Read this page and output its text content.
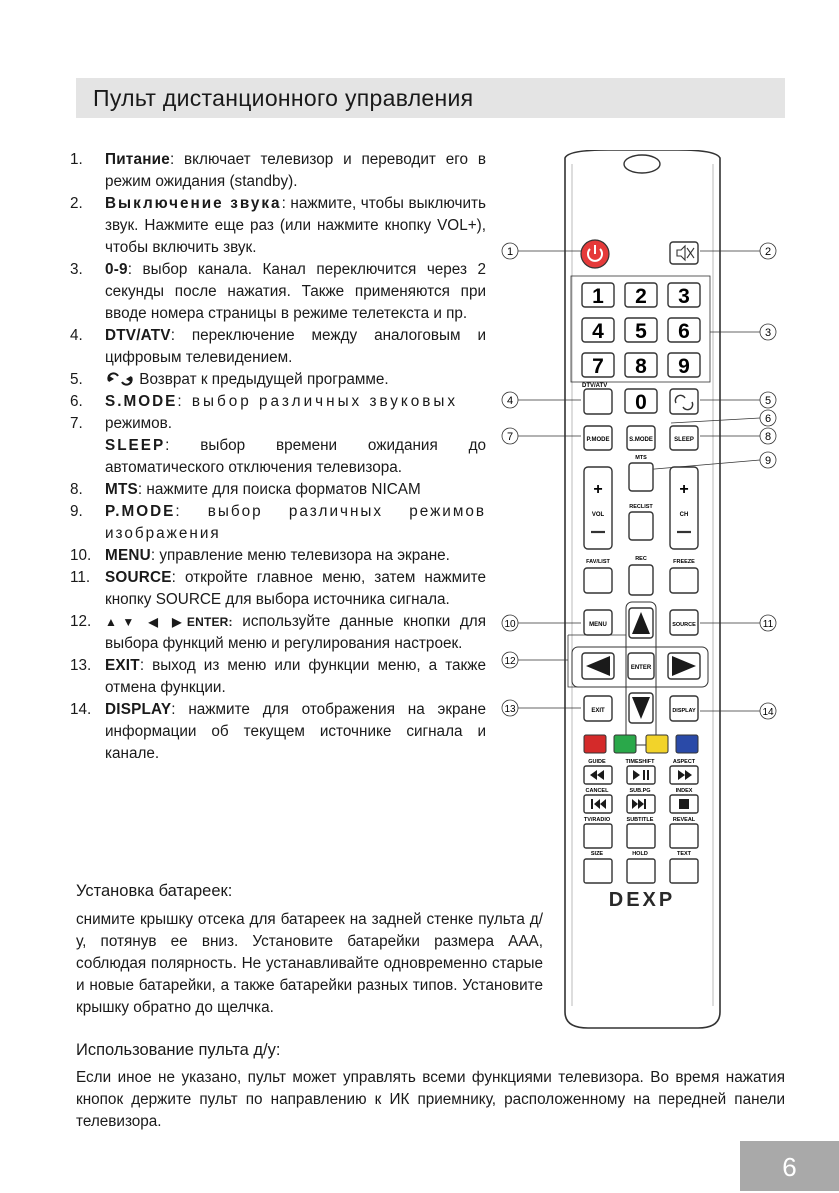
Пульт дистанционного управления
1. Питание: включает телевизор и переводит его в режим ожидания (standby).
2. Выключение звука: нажмите, чтобы выключить звук. Нажмите еще раз (или нажмите кнопку VOL+), чтобы включить звук.
3. 0-9: выбор канала. Канал переключится через 2 секунды после нажатия. Также применяются при вводе номера страницы в режиме телетекста и пр.
4. DTV/ATV: переключение между аналоговым и цифровым телевидением.
5.	Возврат к предыдущей программе.
6. S.MODE: выбор различных звуковых
7. режимов.
SLEEP: выбор времени ожидания до автоматического отключения телевизора.
8. MTS: нажмите для поиска форматов NICAM
9. P.MODE: выбор различных режимов изображения
10. MENU: управление меню телевизора на экране.
11. SOURCE: откройте главное меню, затем нажмите кнопку SOURCE для выбора источника сигнала.
12. ▲▼ ◀ ▶ENTER: используйте данные кнопки для выбора функций меню и регулирования настроек.
13. EXIT: выход из меню или функции меню, а также отмена функции.
14. DISPLAY: нажмите для отображения на экране информации об текущем источнике сигнала и канале.
Установка батареек:

снимите крышку отсека для батареек на задней стенке пульта д/у, потянув ее вниз. Установите батарейки размера ААА, соблюдая полярность. Не устанавливайте одновременно старые и новые батарейки, а также батарейки разных типов. Установите крышку обратно до щелчка.

Использование пульта д/у:

Если иное не указано, пульт может управлять всеми функциями телевизора. Во время нажатия кнопок держите пульт по направлению к ИК приемнику, расположенному на передней панели телевизора.

1 2 3
4 5 6
7 8 9
0
DTV/ATV
1	2
3
4	5
6
7	8
9
10	11
12
13	14
P.MODE	S.MODE	SLEEP
MTS
RECLIST
+
VOL
+
CH
FAV/LIST	REC	FREEZE
MENU	SOURCE
ENTER
EXIT	DISPLAY
GUIDE	TIMESHIFT	ASPECT
CANCEL	SUB.PG	INDEX
TV/RADIO	SUBTITLE	REVEAL
SIZE	HOLD	TEXT
DEXP
6
